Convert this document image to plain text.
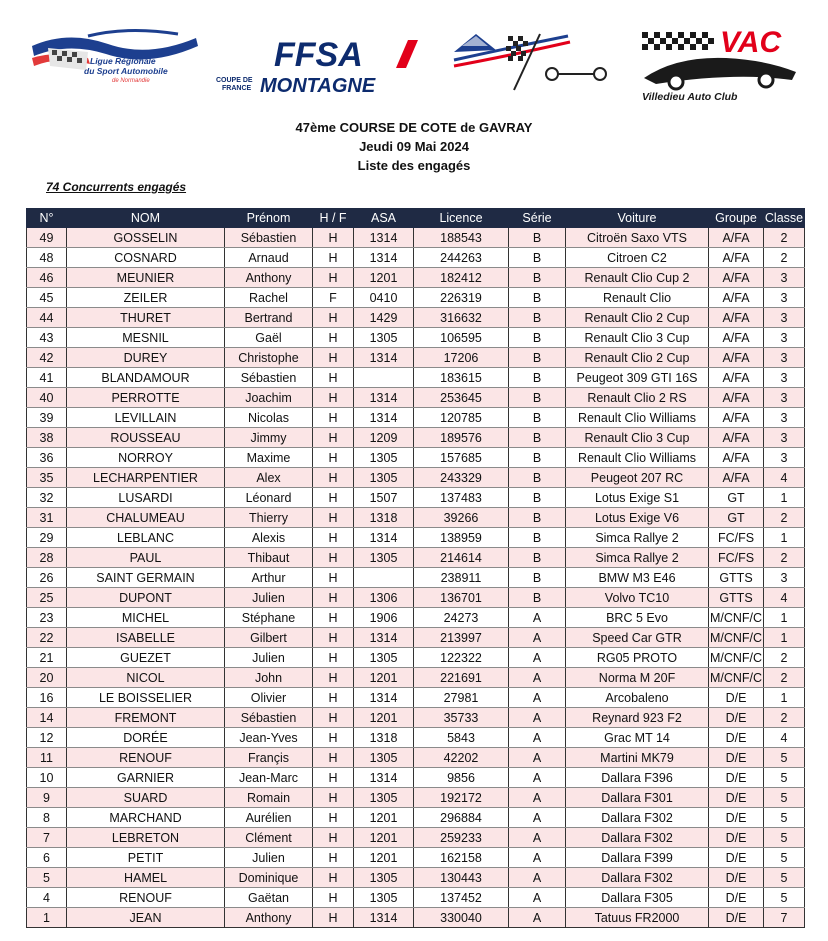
Ligue Régionale
du Sport Automobile
de Normandie
FFSA
COUPE DE
FRANCE MONTAGNE
VAC
Villedieu Auto Club
47ème COURSE DE COTE de GAVRAY
Jeudi 09 Mai 2024
Liste des engagés
74 Concurrents engagés
N°	NOM	Prénom	H / F	ASA	Licence	Série	Voiture	Groupe	Classe
49	GOSSELIN	Sébastien	H	1314	188543	B	Citroën Saxo VTS	A/FA	2
48	COSNARD	Arnaud	H	1314	244263	B	Citroen C2	A/FA	2
46	MEUNIER	Anthony	H	1201	182412	B	Renault Clio Cup 2	A/FA	3
45	ZEILER	Rachel	F	0410	226319	B	Renault Clio	A/FA	3
44	THURET	Bertrand	H	1429	316632	B	Renault Clio 2 Cup	A/FA	3
43	MESNIL	Gaël	H	1305	106595	B	Renault Clio 3 Cup	A/FA	3
42	DUREY	Christophe	H	1314	17206	B	Renault Clio 2 Cup	A/FA	3
41	BLANDAMOUR	Sébastien	H		183615	B	Peugeot 309 GTI 16S	A/FA	3
40	PERROTTE	Joachim	H	1314	253645	B	Renault Clio 2 RS	A/FA	3
39	LEVILLAIN	Nicolas	H	1314	120785	B	Renault Clio Williams	A/FA	3
38	ROUSSEAU	Jimmy	H	1209	189576	B	Renault Clio 3 Cup	A/FA	3
36	NORROY	Maxime	H	1305	157685	B	Renault Clio Williams	A/FA	3
35	LECHARPENTIER	Alex	H	1305	243329	B	Peugeot 207 RC	A/FA	4
32	LUSARDI	Léonard	H	1507	137483	B	Lotus Exige S1	GT	1
31	CHALUMEAU	Thierry	H	1318	39266	B	Lotus Exige V6	GT	2
29	LEBLANC	Alexis	H	1314	138959	B	Simca Rallye 2	FC/FS	1
28	PAUL	Thibaut	H	1305	214614	B	Simca Rallye 2	FC/FS	2
26	SAINT GERMAIN	Arthur	H		238911	B	BMW M3 E46	GTTS	3
25	DUPONT	Julien	H	1306	136701	B	Volvo TC10	GTTS	4
23	MICHEL	Stéphane	H	1906	24273	A	BRC 5 Evo	M/CNF/C	1
22	ISABELLE	Gilbert	H	1314	213997	A	Speed Car GTR	M/CNF/C	1
21	GUEZET	Julien	H	1305	122322	A	RG05 PROTO	M/CNF/C	2
20	NICOL	John	H	1201	221691	A	Norma M 20F	M/CNF/C	2
16	LE BOISSELIER	Olivier	H	1314	27981	A	Arcobaleno	D/E	1
14	FREMONT	Sébastien	H	1201	35733	A	Reynard 923 F2	D/E	2
12	DORÉE	Jean-Yves	H	1318	5843	A	Grac MT 14	D/E	4
11	RENOUF	Françis	H	1305	42202	A	Martini MK79	D/E	5
10	GARNIER	Jean-Marc	H	1314	9856	A	Dallara F396	D/E	5
9	SUARD	Romain	H	1305	192172	A	Dallara F301	D/E	5
8	MARCHAND	Aurélien	H	1201	296884	A	Dallara F302	D/E	5
7	LEBRETON	Clément	H	1201	259233	A	Dallara F302	D/E	5
6	PETIT	Julien	H	1201	162158	A	Dallara F399	D/E	5
5	HAMEL	Dominique	H	1305	130443	A	Dallara F302	D/E	5
4	RENOUF	Gaëtan	H	1305	137452	A	Dallara F305	D/E	5
1	JEAN	Anthony	H	1314	330040	A	Tatuus FR2000	D/E	7
